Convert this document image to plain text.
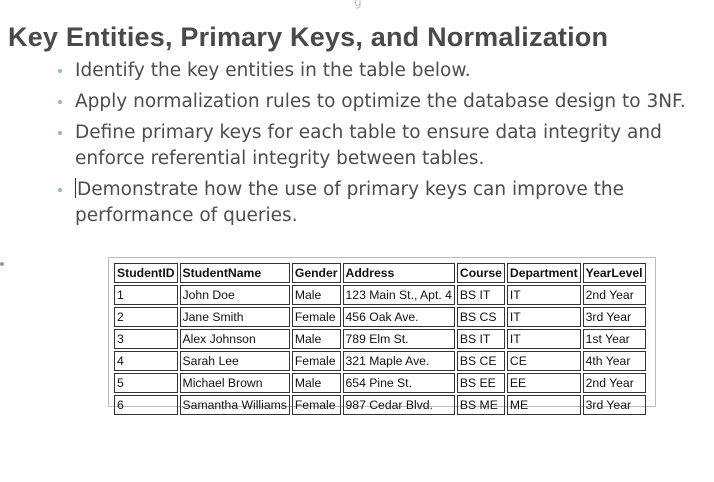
ɡ
Key Entities, Primary Keys, and Normalization
Identify the key entities in the table below.
Apply normalization rules to optimize the database design to 3NF.
Define primary keys for each table to ensure data integrity and enforce referential integrity between tables.
Demonstrate how the use of primary keys can improve the performance of queries.
StudentID	StudentName	Gender	Address	Course	Department	YearLevel
1	John Doe	Male	123 Main St., Apt. 4	BS IT	IT	2nd Year
2	Jane Smith	Female	456 Oak Ave.	BS CS	IT	3rd Year
3	Alex Johnson	Male	789 Elm St.	BS IT	IT	1st Year
4	Sarah Lee	Female	321 Maple Ave.	BS CE	CE	4th Year
5	Michael Brown	Male	654 Pine St.	BS EE	EE	2nd Year
6	Samantha Williams	Female	987 Cedar Blvd.	BS ME	ME	3rd Year
